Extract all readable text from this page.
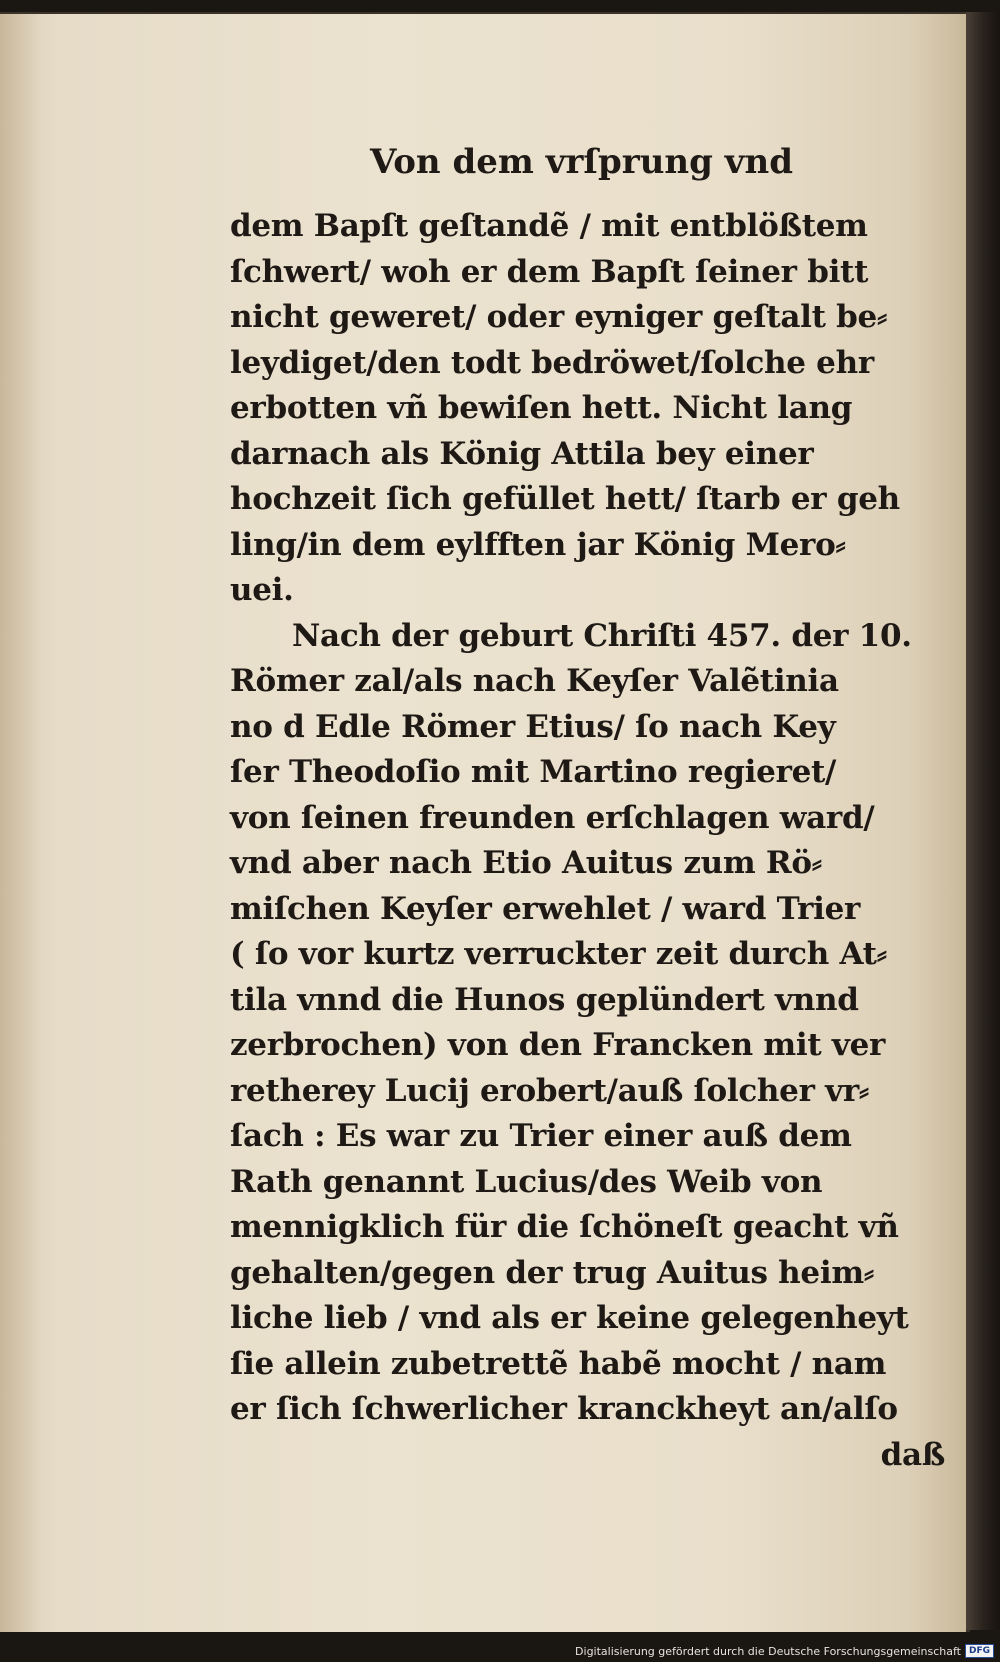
Von dem vrſprung vnd
dem Bapſt geſtandẽ / mit entblößtem
ſchwert/ woh er dem Bapſt ſeiner bitt
nicht geweret/ oder eyniger geſtalt be⸗
leydiget/den todt bedröwet/ſolche ehr
erbotten vñ bewiſen hett. Nicht lang
darnach als König Attila bey einer
hochzeit ſich gefüllet hett/ ſtarb er geh
ling/in dem eylfften jar König Mero⸗
uei.
Nach der geburt Chriſti 457. der 10.
Römer zal/als nach Keyſer Valẽtinia
no d Edle Römer Etius/ ſo nach Key
ſer Theodoſio mit Martino regieret/
von ſeinen freunden erſchlagen ward/
vnd aber nach Etio Auitus zum Rö⸗
miſchen Keyſer erwehlet / ward Trier
( ſo vor kurtz verruckter zeit durch At⸗
tila vnnd die Hunos geplündert vnnd
zerbrochen) von den Francken mit ver
retherey Lucij erobert/auß ſolcher vr⸗
ſach : Es war zu Trier einer auß dem
Rath genannt Lucius/des Weib von
mennigklich für die ſchöneſt geacht vñ
gehalten/gegen der trug Auitus heim⸗
liche lieb / vnd als er keine gelegenheyt
ſie allein zubetrettẽ habẽ mocht / nam
er ſich ſchwerlicher kranckheyt an/alſo
daß
Digitalisierung gefördert durch die Deutsche Forschungsgemeinschaft DFG
